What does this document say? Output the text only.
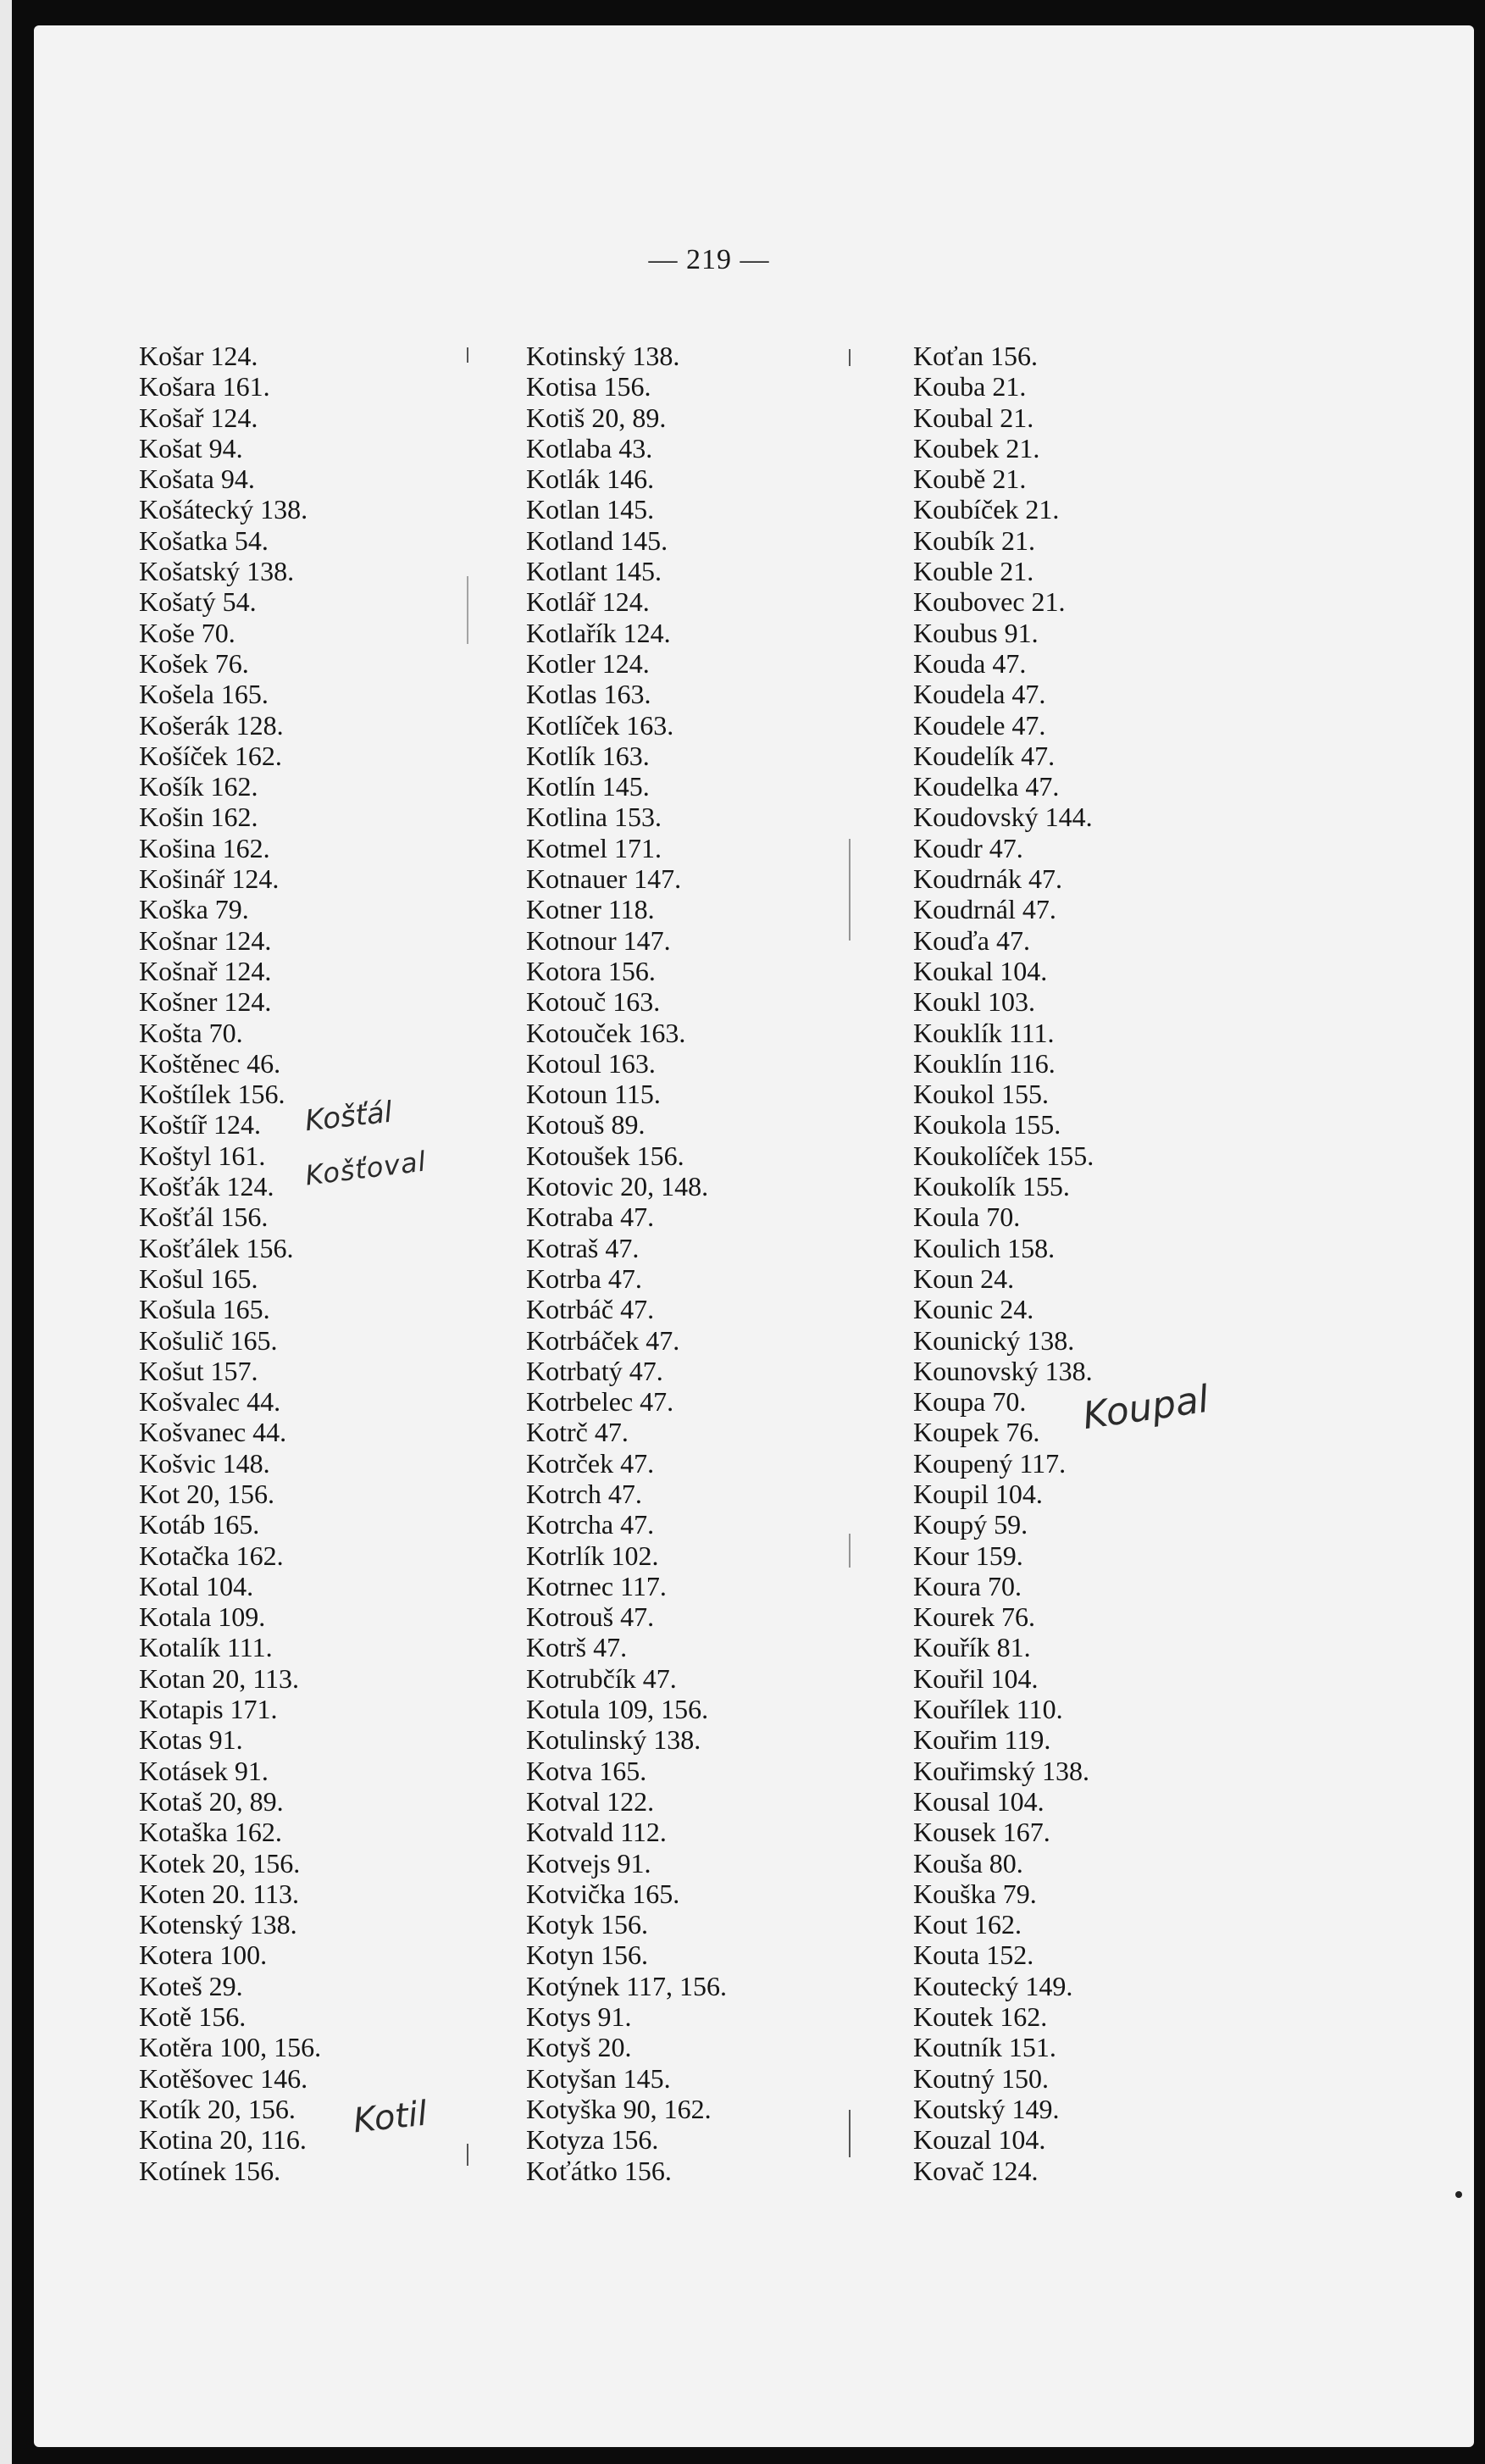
— 219 —
Košar 124.
Košara 161.
Košař 124.
Košat 94.
Košata 94.
Košátecký 138.
Košatka 54.
Košatský 138.
Košatý 54.
Koše 70.
Košek 76.
Košela 165.
Košerák 128.
Košíček 162.
Košík 162.
Košin 162.
Košina 162.
Košinář 124.
Koška 79.
Košnar 124.
Košnař 124.
Košner 124.
Košta 70.
Koštěnec 46.
Koštílek 156.
Koštíř 124.
Koštyl 161.
Košťák 124.
Košťál 156.
Košťálek 156.
Košul 165.
Košula 165.
Košulič 165.
Košut 157.
Košvalec 44.
Košvanec 44.
Košvic 148.
Kot 20, 156.
Kotáb 165.
Kotačka 162.
Kotal 104.
Kotala 109.
Kotalík 111.
Kotan 20, 113.
Kotapis 171.
Kotas 91.
Kotásek 91.
Kotaš 20, 89.
Kotaška 162.
Kotek 20, 156.
Koten 20. 113.
Kotenský 138.
Kotera 100.
Koteš 29.
Kotě 156.
Kotěra 100, 156.
Kotěšovec 146.
Kotík 20, 156.
Kotina 20, 116.
Kotínek 156.
Kotinský 138.
Kotisa 156.
Kotiš 20, 89.
Kotlaba 43.
Kotlák 146.
Kotlan 145.
Kotland 145.
Kotlant 145.
Kotlář 124.
Kotlařík 124.
Kotler 124.
Kotlas 163.
Kotlíček 163.
Kotlík 163.
Kotlín 145.
Kotlina 153.
Kotmel 171.
Kotnauer 147.
Kotner 118.
Kotnour 147.
Kotora 156.
Kotouč 163.
Kotouček 163.
Kotoul 163.
Kotoun 115.
Kotouš 89.
Kotoušek 156.
Kotovic 20, 148.
Kotraba 47.
Kotraš 47.
Kotrba 47.
Kotrbáč 47.
Kotrbáček 47.
Kotrbatý 47.
Kotrbelec 47.
Kotrč 47.
Kotrček 47.
Kotrch 47.
Kotrcha 47.
Kotrlík 102.
Kotrnec 117.
Kotrouš 47.
Kotrš 47.
Kotrubčík 47.
Kotula 109, 156.
Kotulinský 138.
Kotva 165.
Kotval 122.
Kotvald 112.
Kotvejs 91.
Kotvička 165.
Kotyk 156.
Kotyn 156.
Kotýnek 117, 156.
Kotys 91.
Kotyš 20.
Kotyšan 145.
Kotyška 90, 162.
Kotyza 156.
Koťátko 156.
Koťan 156.
Kouba 21.
Koubal 21.
Koubek 21.
Koubě 21.
Koubíček 21.
Koubík 21.
Kouble 21.
Koubovec 21.
Koubus 91.
Kouda 47.
Koudela 47.
Koudele 47.
Koudelík 47.
Koudelka 47.
Koudovský 144.
Koudr 47.
Koudrnák 47.
Koudrnál 47.
Kouďa 47.
Koukal 104.
Koukl 103.
Kouklík 111.
Kouklín 116.
Koukol 155.
Koukola 155.
Koukolíček 155.
Koukolík 155.
Koula 70.
Koulich 158.
Koun 24.
Kounic 24.
Kounický 138.
Kounovský 138.
Koupa 70.
Koupek 76.
Koupený 117.
Koupil 104.
Koupý 59.
Kour 159.
Koura 70.
Kourek 76.
Kouřík 81.
Kouřil 104.
Kouřílek 110.
Kouřim 119.
Kouřimský 138.
Kousal 104.
Kousek 167.
Kouša 80.
Kouška 79.
Kout 162.
Kouta 152.
Koutecký 149.
Koutek 162.
Koutník 151.
Koutný 150.
Koutský 149.
Kouzal 104.
Kovač 124.
Košťál
Košťoval
Koupal
Kotil
